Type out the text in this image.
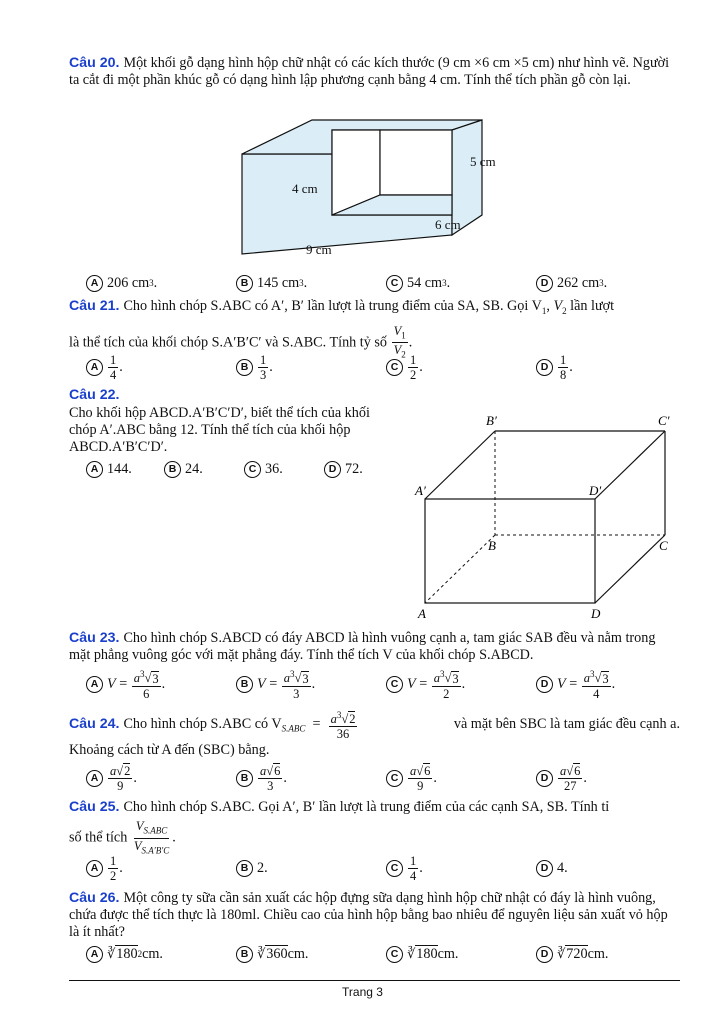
Câu 20. Một khối gỗ dạng hình hộp chữ nhật có các kích thước (9 cm ×6 cm ×5 cm) như hình vẽ. Người ta cắt đi một phần khúc gỗ có dạng hình lập phương cạnh bằng 4 cm. Tính thể tích phần gỗ còn lại.
5 cm
4 cm
6 cm
9 cm
A 206 cm 3 .	B 145 cm 3 .	C 54 cm 3 .	D 262 cm 3 .
Câu 21. Cho hình chóp S.ABC có A′, B′ lần lượt là trung điểm của SA, SB. Gọi $V_1$, $V_2$ lần lượt
là thể tích của khối chóp S.A′B′C′ và S.ABC. Tính tỷ số $\frac{V_1}{V_2}$ .
A $\frac{1}{4}$ .	B $\frac{1}{3}$ .	C $\frac{1}{2}$ .	D $\frac{1}{8}$ .
Câu 22.
Cho khối hộp ABCD.A′B′C′D′, biết thể tích của khối chóp A′.ABC bằng 12. Tính thể tích của khối hộp ABCD.A′B′C′D′.
A 144.	B 24.	C 36.	D 72.
B′	C′
A′	D′
B	C
A	D
Câu 23. Cho hình chóp S.ABCD có đáy ABCD là hình vuông cạnh a, tam giác SAB đều và nằm trong mặt phẳng vuông góc với mặt phẳng đáy. Tính thể tích V của khối chóp S.ABCD.
A $V = \frac{a^3√3}{6}$ .	B $V = \frac{a^3√3}{3}$ .	C $V = \frac{a^3√3}{2}$ .	D $V = \frac{a^3√3}{4}$ .
Câu 24. Cho hình chóp S.ABC có $V_{S.ABC} = \frac{a^3√2}{36}$	và mặt bên SBC là tam giác đều cạnh a.
Khoảng cách từ A đến (SBC) bằng.
A $\frac{a√2}{9}$ .	B $\frac{a√6}{3}$ .	C $\frac{a√6}{9}$ .	D $\frac{a√6}{27}$ .
Câu 25. Cho hình chóp S.ABC. Gọi A′, B′ lần lượt là trung điểm của các cạnh SA, SB. Tính tỉ
số thể tích $\frac{V_{S.ABC}}{V_{S.A'B'C}}$ .
A $\frac{1}{2}$ .	B 2.	C $\frac{1}{4}$ .	D 4.
Câu 26. Một công ty sữa cần sản xuất các hộp đựng sữa dạng hình hộp chữ nhật có đáy là hình vuông, chứa được thể tích thực là 180ml. Chiều cao của hình hộp bằng bao nhiêu để nguyên liệu sản xuất vỏ hộp là ít nhất?
A ∛ 180 2 cm.	B ∛ 360 cm.	C ∛ 180 cm.	D ∛ 720 cm.
Trang 3
